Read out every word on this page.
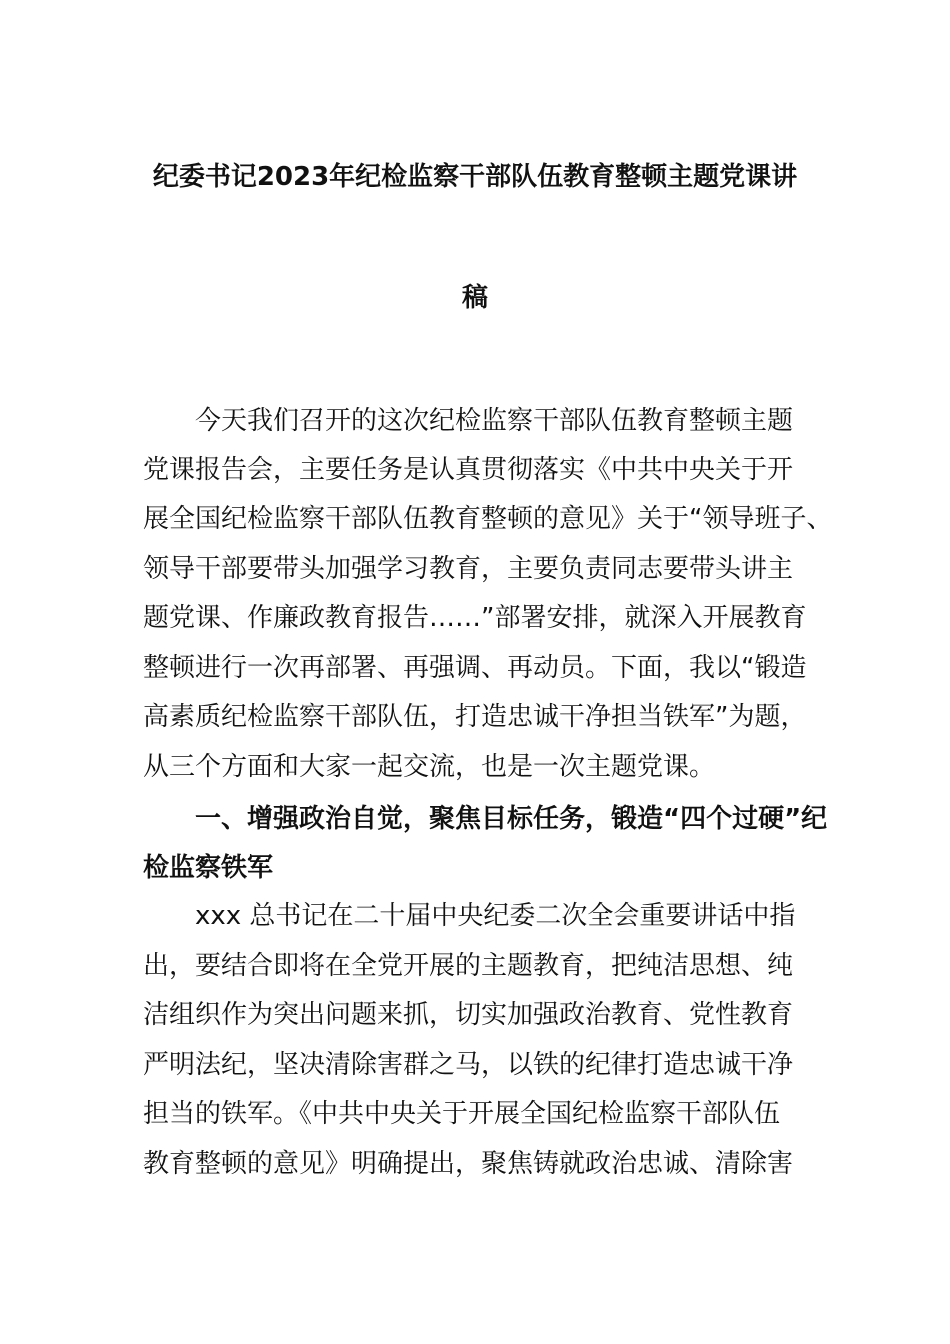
纪委书记2023年纪检监察干部队伍教育整顿主题党课讲
稿
今天我们召开的这次纪检监察干部队伍教育整顿主题
党课报告会，主要任务是认真贯彻落实《中共中央关于开
展全国纪检监察干部队伍教育整顿的意见》关于“领导班子、
领导干部要带头加强学习教育，主要负责同志要带头讲主
题党课、作廉政教育报告……”部署安排，就深入开展教育
整顿进行一次再部署、再强调、再动员。下面，我以“锻造
高素质纪检监察干部队伍，打造忠诚干净担当铁军”为题，
从三个方面和大家一起交流，也是一次主题党课。
一、增强政治自觉，聚焦目标任务，锻造“四个过硬”纪
检监察铁军
xxx 总书记在二十届中央纪委二次全会重要讲话中指
出，要结合即将在全党开展的主题教育，把纯洁思想、纯
洁组织作为突出问题来抓，切实加强政治教育、党性教育
严明法纪，坚决清除害群之马，以铁的纪律打造忠诚干净
担当的铁军。《中共中央关于开展全国纪检监察干部队伍
教育整顿的意见》明确提出，聚焦铸就政治忠诚、清除害
